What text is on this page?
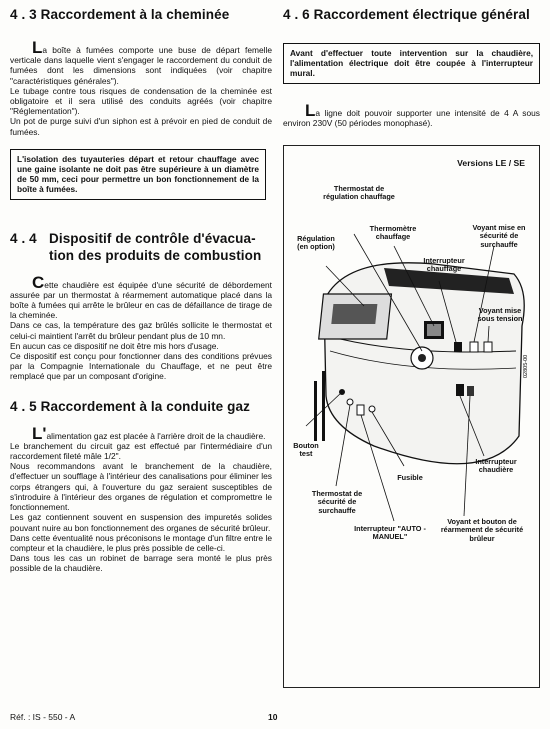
4 . 3 Raccordement à la cheminée

La boîte à fumées comporte une buse de départ femelle verticale dans laquelle vient s'engager le raccordement du conduit de fumées dont les dimensions sont indiquées (voir chapitre "caractéristiques générales").

Le tubage contre tous risques de condensation de la cheminée est obligatoire et il sera utilisé des conduits agréés (voir chapitre "Réglementation").

Un pot de purge suivi d'un siphon est à prévoir en pied de conduit de fumées.

L'isolation des tuyauteries départ et retour chauffage avec une gaine isolante ne doit pas être supérieure à un diamètre de 50 mm, ceci pour permettre un bon fonctionnement de la boîte à fumées.
4 . 4 Dispositif de contrôle d'évacua-
tion des produits de combustion

Cette chaudière est équipée d'une sécurité de débordement assurée par un thermostat à réarmement automatique placé dans la boîte à fumées qui arrête le brûleur en cas de défaillance de tirage de la cheminée.

Dans ce cas, la température des gaz brûlés sollicite le thermostat et celui-ci maintient l'arrêt du brûleur pendant plus de 10 mn.

En aucun cas ce dispositif ne doit être mis hors d'usage.

Ce dispositif est conçu pour fonctionner dans des conditions prévues par la Compagnie Internationale du Chauffage, et ne peut être remplacé que par un composant d'origine.

4 . 5 Raccordement à la conduite gaz

L'alimentation gaz est placée à l'arrière droit de la chaudière.

Le branchement du circuit gaz est effectué par l'intermédiaire d'un raccordement fileté mâle 1/2".

Nous recommandons avant le branchement de la chaudière, d'effectuer un soufflage à l'intérieur des canalisations pour éliminer les corps étrangers qui, à l'ouverture du gaz seraient susceptibles de s'introduire à l'intérieur des organes de régulation et compromettre le fonctionnement.

Les gaz contiennent souvent en suspension des impuretés solides pouvant nuire au bon fonctionnement des organes de sécurité brûleur.

Dans cette éventualité nous préconisons le montage d'un filtre entre le compteur et la chaudière, le plus près possible de celle-ci.

Dans tous les cas un robinet de barrage sera monté le plus près possible de la chaudière.

4 . 6 Raccordement électrique général
Avant d'effectuer toute intervention sur la chaudière, l'alimentation électrique doit être coupée à l'interrupteur mural.

La ligne doit pouvoir supporter une intensité de 4 A sous environ 230V (50 périodes monophasé).

02805-00
Versions LE / SE
Thermostat de régulation chauffage
Thermomètre chauffage
Régulation (en option)
Voyant mise en sécurité de surchauffe
Interrupteur chauffage
Voyant mise sous tension
Bouton test
Interrupteur chaudière
Fusible
Thermostat de sécurité de surchauffe
Voyant et bouton de réarmement de sécurité brûleur
Interrupteur "AUTO - MANUEL"
Réf. : IS - 550 - A	10
